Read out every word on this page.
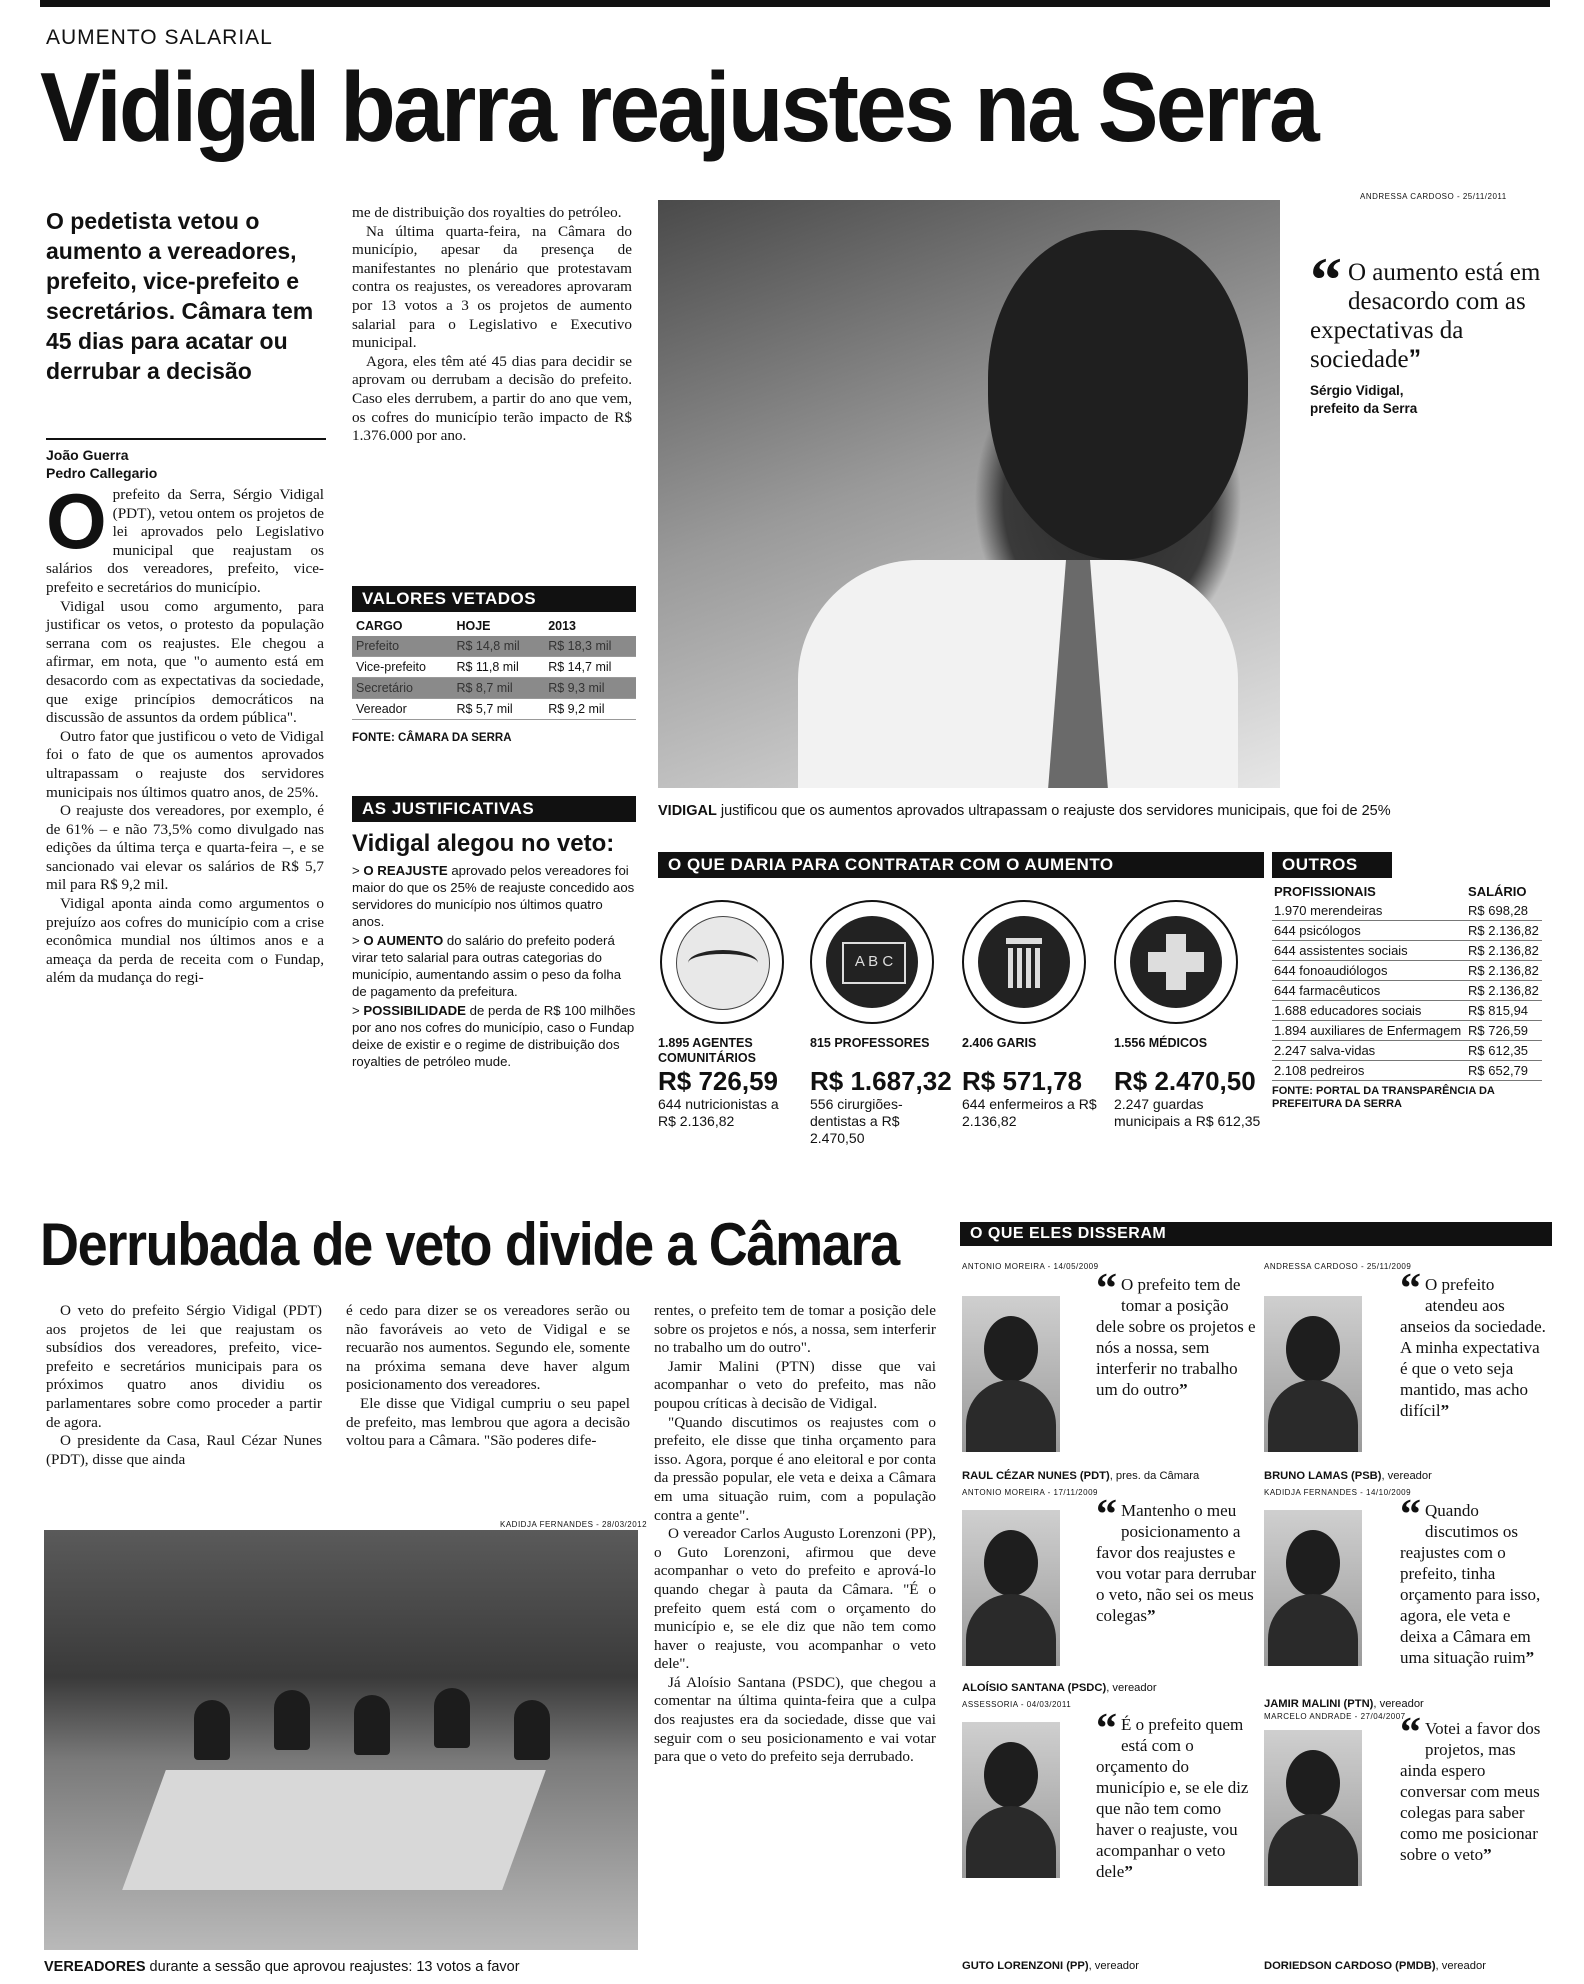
AUMENTO SALARIAL
Vidigal barra reajustes na Serra
O pedetista vetou o aumento a vereadores, prefeito, vice-prefeito e secretários. Câmara tem 45 dias para acatar ou derrubar a decisão
João Guerra
Pedro Callegario

Oprefeito da Serra, Sérgio Vidigal (PDT), vetou ontem os projetos de lei aprovados pelo Legislativo municipal que reajustam os salários dos vereadores, prefeito, vice-prefeito e secretários do município.

Vidigal usou como argumento, para justificar os vetos, o protesto da população serrana com os reajustes. Ele chegou a afirmar, em nota, que "o aumento está em desacordo com as expectativas da sociedade, que exige princípios democráticos na discussão de assuntos da ordem pública".

Outro fator que justificou o veto de Vidigal foi o fato de que os aumentos aprovados ultrapassam o reajuste dos servidores municipais nos últimos quatro anos, de 25%.

O reajuste dos vereadores, por exemplo, é de 61% – e não 73,5% como divulgado nas edições da última terça e quarta-feira –, e se sancionado vai elevar os salários de R$ 5,7 mil para R$ 9,2 mil.

Vidigal aponta ainda como argumentos o prejuízo aos cofres do município com a crise econômica mundial nos últimos anos e a ameaça da perda de receita com o Fundap, além da mudança do regi-

me de distribuição dos royalties do petróleo.

Na última quarta-feira, na Câmara do município, apesar da presença de manifestantes no plenário que protestavam contra os reajustes, os vereadores aprovaram por 13 votos a 3 os projetos de aumento salarial para o Legislativo e Executivo municipal.

Agora, eles têm até 45 dias para decidir se aprovam ou derrubam a decisão do prefeito. Caso eles derrubem, a partir do ano que vem, os cofres do município terão impacto de R$ 1.376.000 por ano.

VALORES VETADOS
CARGO	HOJE	2013
Prefeito	R$ 14,8 mil	R$ 18,3 mil
Vice-prefeito	R$ 11,8 mil	R$ 14,7 mil
Secretário	R$ 8,7 mil	R$ 9,3 mil
Vereador	R$ 5,7 mil	R$ 9,2 mil
FONTE: CÂMARA DA SERRA
AS JUSTIFICATIVAS
Vidigal alegou no veto:
> O REAJUSTE aprovado pelos vereadores foi maior do que os 25% de reajuste concedido aos servidores do município nos últimos quatro anos.
> O AUMENTO do salário do prefeito poderá virar teto salarial para outras categorias do município, aumentando assim o peso da folha de pagamento da prefeitura.
> POSSIBILIDADE de perda de R$ 100 milhões por ano nos cofres do município, caso o Fundap deixe de existir e o regime de distribuição dos royalties de petróleo mude.
ANDRESSA CARDOSO - 25/11/2011
“ O aumento está em desacordo com as expectativas da sociedade”
Sérgio Vidigal,
prefeito da Serra
VIDIGAL justificou que os aumentos aprovados ultrapassam o reajuste dos servidores municipais, que foi de 25%
O QUE DARIA PARA CONTRATAR COM O AUMENTO
A B C
1.895 AGENTES COMUNITÁRIOS
R$ 726,59
644 nutricionistas a R$ 2.136,82
815 PROFESSORES
R$ 1.687,32
556 cirurgiões-dentistas a R$ 2.470,50
2.406 GARIS
R$ 571,78
644 enfermeiros a R$ 2.136,82
1.556 MÉDICOS
R$ 2.470,50
2.247 guardas municipais a R$ 612,35
OUTROS
PROFISSIONAIS	SALÁRIO
1.970 merendeiras	R$ 698,28
644 psicólogos	R$ 2.136,82
644 assistentes sociais	R$ 2.136,82
644 fonoaudiólogos	R$ 2.136,82
644 farmacêuticos	R$ 2.136,82
1.688 educadores sociais	R$ 815,94
1.894 auxiliares de Enfermagem	R$ 726,59
2.247 salva-vidas	R$ 612,35
2.108 pedreiros	R$ 652,79
FONTE: PORTAL DA TRANSPARÊNCIA DA PREFEITURA DA SERRA
Derrubada de veto divide a Câmara

O veto do prefeito Sérgio Vidigal (PDT) aos projetos de lei que reajustam os subsídios dos vereadores, prefeito, vice-prefeito e secretários municipais para os próximos quatro anos dividiu os parlamentares sobre como proceder a partir de agora.

O presidente da Casa, Raul Cézar Nunes (PDT), disse que ainda

é cedo para dizer se os vereadores serão ou não favoráveis ao veto de Vidigal e se recuarão nos aumentos. Segundo ele, somente na próxima semana deve haver algum posicionamento dos vereadores.

Ele disse que Vidigal cumpriu o seu papel de prefeito, mas lembrou que agora a decisão voltou para a Câmara. "São poderes dife-

rentes, o prefeito tem de tomar a posição dele sobre os projetos e nós, a nossa, sem interferir no trabalho um do outro".

Jamir Malini (PTN) disse que vai acompanhar o veto do prefeito, mas não poupou críticas à decisão de Vidigal.

"Quando discutimos os reajustes com o prefeito, ele disse que tinha orçamento para isso. Agora, porque é ano eleitoral e por conta da pressão popular, ele veta e deixa a Câmara em uma situação ruim, com a população contra a gente".

O vereador Carlos Augusto Lorenzoni (PP), o Guto Lorenzoni, afirmou que deve acompanhar o veto do prefeito e aprová-lo quando chegar à pauta da Câmara. "É o prefeito quem está com o orçamento do município e, se ele diz que não tem como haver o reajuste, vou acompanhar o veto dele".

Já Aloísio Santana (PSDC), que chegou a comentar na última quinta-feira que a culpa dos reajustes era da sociedade, disse que vai seguir com o seu posicionamento e vai votar para que o veto do prefeito seja derrubado.

KADIDJA FERNANDES - 28/03/2012
VEREADORES durante a sessão que aprovou reajustes: 13 votos a favor
O QUE ELES DISSERAM
ANTONIO MOREIRA - 14/05/2009
“ O prefeito tem de tomar a posição dele sobre os projetos e nós a nossa, sem interferir no trabalho um do outro”
RAUL CÉZAR NUNES (PDT), pres. da Câmara
ANDRESSA CARDOSO - 25/11/2009
“ O prefeito atendeu aos anseios da sociedade. A minha expectativa é que o veto seja mantido, mas acho difícil”
BRUNO LAMAS (PSB), vereador
ANTONIO MOREIRA - 17/11/2009
“ Mantenho o meu posicionamento a favor dos reajustes e vou votar para derrubar o veto, não sei os meus colegas”
ALOÍSIO SANTANA (PSDC), vereador
KADIDJA FERNANDES - 14/10/2009
“ Quando discutimos os reajustes com o prefeito, tinha orçamento para isso, agora, ele veta e deixa a Câmara em uma situação ruim”
JAMIR MALINI (PTN), vereador
ASSESSORIA - 04/03/2011
“ É o prefeito quem está com o orçamento do município e, se ele diz que não tem como haver o reajuste, vou acompanhar o veto dele”
GUTO LORENZONI (PP), vereador
MARCELO ANDRADE - 27/04/2007
“ Votei a favor dos projetos, mas ainda espero conversar com meus colegas para saber como me posicionar sobre o veto”
DORIEDSON CARDOSO (PMDB), vereador
